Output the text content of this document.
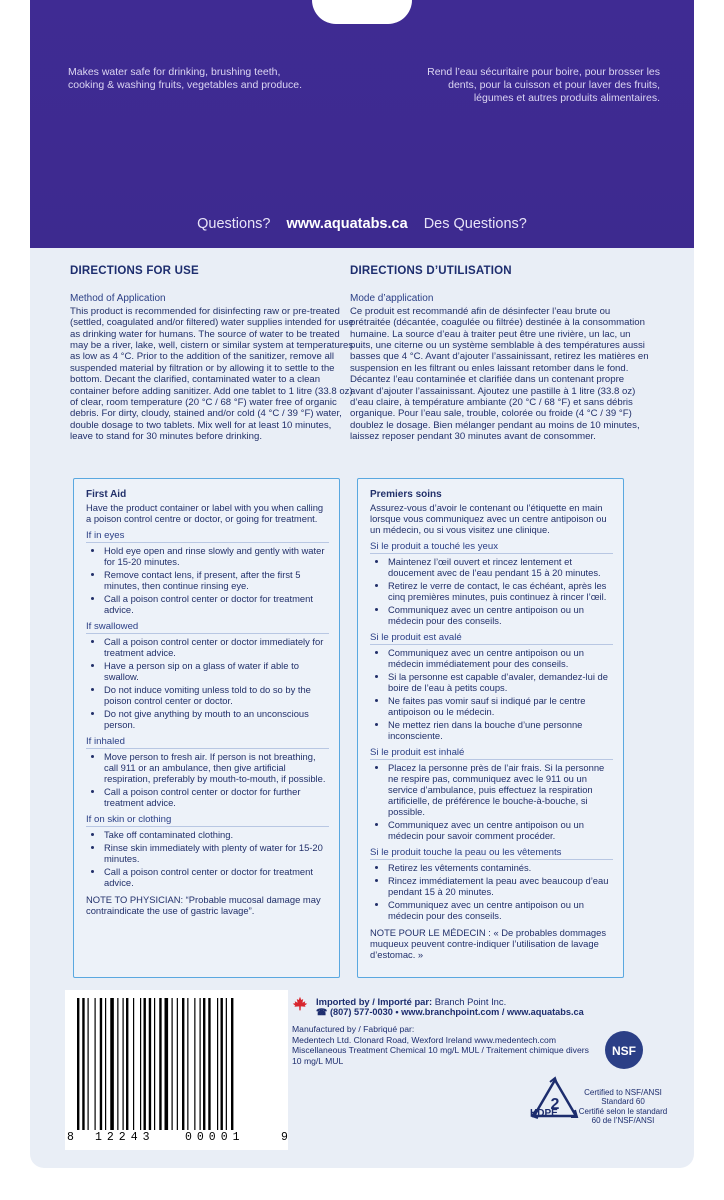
Makes water safe for drinking, brushing teeth, cooking & washing fruits, vegetables and produce.
Rend l’eau sécuritaire pour boire, pour brosser les dents, pour la cuisson et pour laver des fruits, légumes et autres produits alimentaires.
Questions? www.aquatabs.ca Des Questions?
DIRECTIONS FOR USE
Method of Application

This product is recommended for disinfecting raw or pre-treated (settled, coagulated and/or filtered) water supplies intended for use as drinking water for humans. The source of water to be treated may be a river, lake, well, cistern or similar system at temperatures as low as 4 °C. Prior to the addition of the sanitizer, remove all suspended material by filtration or by allowing it to settle to the bottom. Decant the clarified, contaminated water to a clean container before adding sanitizer. Add one tablet to 1 litre (33.8 oz) of clear, room temperature (20 °C / 68 °F) water free of organic debris. For dirty, cloudy, stained and/or cold (4 °C / 39 °F) water, double dosage to two tablets. Mix well for at least 10 minutes, leave to stand for 30 minutes before drinking.

DIRECTIONS D’UTILISATION
Mode d’application

Ce produit est recommandé afin de désinfecter l’eau brute ou prétraitée (décantée, coagulée ou filtrée) destinée à la consommation humaine. La source d’eau à traiter peut être une rivière, un lac, un puits, une citerne ou un système semblable à des températures aussi basses que 4 °C. Avant d’ajouter l’assainissant, retirez les matières en suspension en les filtrant ou enles laissant retomber dans le fond. Décantez l’eau contaminée et clarifiée dans un contenant propre avant d’ajouter l’assainissant. Ajoutez une pastille à 1 litre (33.8 oz) d’eau claire, à température ambiante (20 °C / 68 °F) et sans débris organique. Pour l’eau sale, trouble, colorée ou froide (4 °C / 39 °F) doublez le dosage. Bien mélanger pendant au moins de 10 minutes, laissez reposer pendant 30 minutes avant de consommer.

First Aid
Have the product container or label with you when calling a poison control centre or doctor, or going for treatment.
If in eyes
• Hold eye open and rinse slowly and gently with water for 15-20 minutes.
• Remove contact lens, if present, after the first 5 minutes, then continue rinsing eye.
• Call a poison control center or doctor for treatment advice.
If swallowed
• Call a poison control center or doctor immediately for treatment advice.
• Have a person sip on a glass of water if able to swallow.
• Do not induce vomiting unless told to do so by the poison control center or doctor.
• Do not give anything by mouth to an unconscious person.
If inhaled
• Move person to fresh air. If person is not breathing, call 911 or an ambulance, then give artificial respiration, preferably by mouth-to-mouth, if possible.
• Call a poison control center or doctor for further treatment advice.
If on skin or clothing
• Take off contaminated clothing.
• Rinse skin immediately with plenty of water for 15-20 minutes.
• Call a poison control center or doctor for treatment advice.
NOTE TO PHYSICIAN: “Probable mucosal damage may contraindicate the use of gastric lavage”.
Premiers soins
Assurez-vous d’avoir le contenant ou l’étiquette en main lorsque vous communiquez avec un centre antipoison ou un médecin, ou si vous visitez une clinique.
Si le produit a touché les yeux
• Maintenez l’œil ouvert et rincez lentement et doucement avec de l’eau pendant 15 à 20 minutes.
• Retirez le verre de contact, le cas échéant, après les cinq premières minutes, puis continuez à rincer l’œil.
• Communiquez avec un centre antipoison ou un médecin pour des conseils.
Si le produit est avalé
• Communiquez avec un centre antipoison ou un médecin immédiatement pour des conseils.
• Si la personne est capable d’avaler, demandez-lui de boire de l’eau à petits coups.
• Ne faites pas vomir sauf si indiqué par le centre antipoison ou le médecin.
• Ne mettez rien dans la bouche d’une personne inconsciente.
Si le produit est inhalé
• Placez la personne près de l’air frais. Si la personne ne respire pas, communiquez avec le 911 ou un service d’ambulance, puis effectuez la respiration artificielle, de préférence le bouche-à-bouche, si possible.
• Communiquez avec un centre antipoison ou un médecin pour savoir comment procéder.
Si le produit touche la peau ou les vêtements
• Retirez les vêtements contaminés.
• Rincez immédiatement la peau avec beaucoup d’eau pendant 15 à 20 minutes.
• Communiquez avec un centre antipoison ou un médecin pour des conseils.
NOTE POUR LE MÉDECIN : « De probables dommages muqueux peuvent contre-indiquer l’utilisation de lavage d’estomac. »
8 12243	00001	9
Imported by / Importé par: Branch Point Inc.
☎ (807) 577-0030 • www.branchpoint.com / www.aquatabs.ca
Manufactured by / Fabriqué par:
Medentech Ltd. Clonard Road, Wexford Ireland www.medentech.com
Miscellaneous Treatment Chemical 10 mg/L MUL / Traitement chimique divers 10 mg/L MUL
2
HDPE
NSF
Certified to NSF/ANSI Standard 60
Certifié selon le standard 60 de l’NSF/ANSI
